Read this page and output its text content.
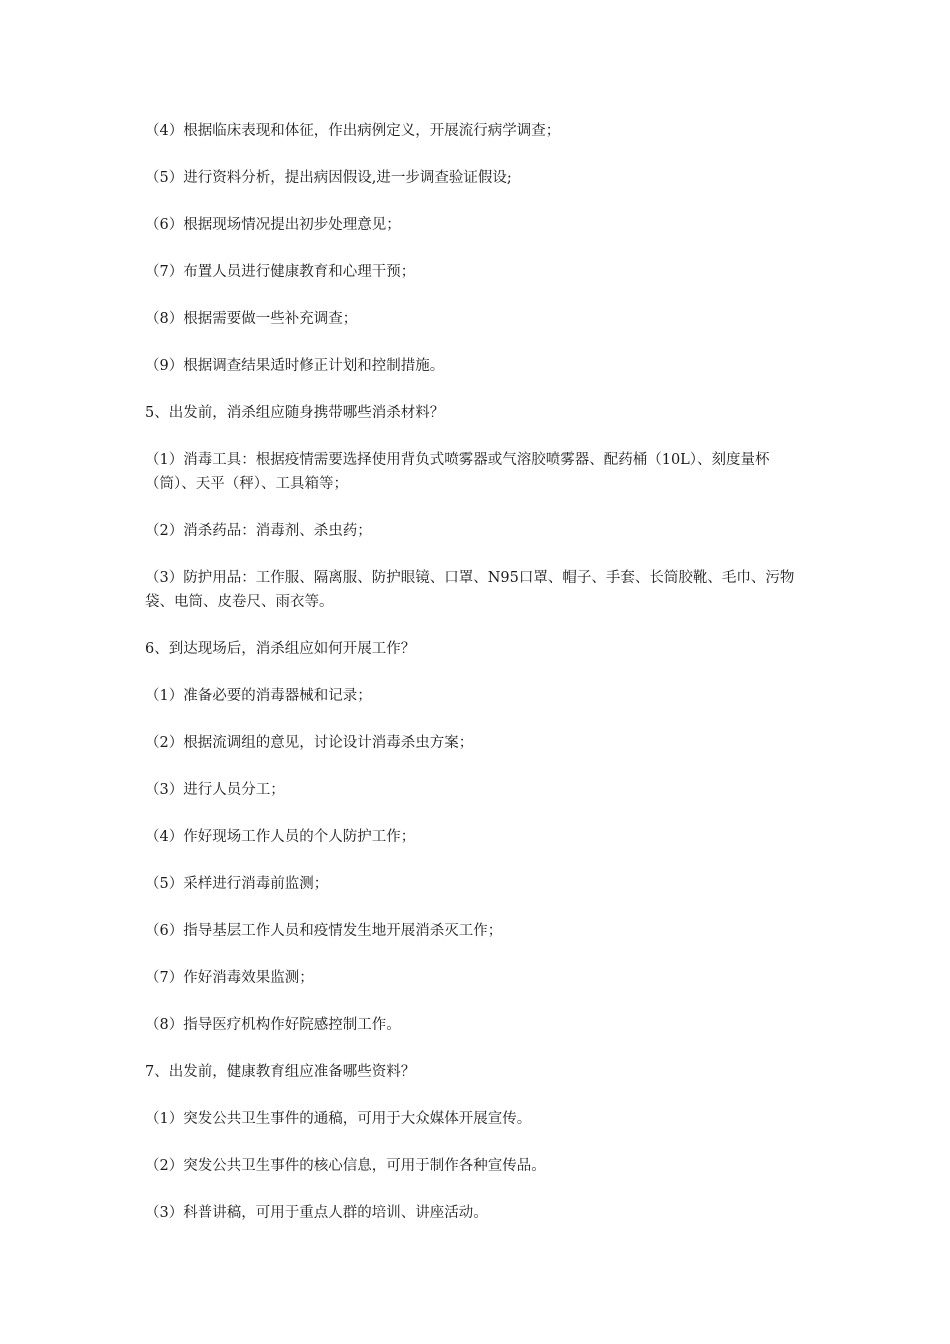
（4）根据临床表现和体征，作出病例定义，开展流行病学调查；

（5）进行资料分析，提出病因假设,进一步调查验证假设;

（6）根据现场情况提出初步处理意见；

（7）布置人员进行健康教育和心理干预；

（8）根据需要做一些补充调查；

（9）根据调查结果适时修正计划和控制措施。

5、出发前，消杀组应随身携带哪些消杀材料？

（1）消毒工具：根据疫情需要选择使用背负式喷雾器或气溶胶喷雾器、配药桶（10L）、刻度量杯（筒）、天平（秤）、工具箱等；

（2）消杀药品：消毒剂、杀虫药；

（3）防护用品：工作服、隔离服、防护眼镜、口罩、N95口罩、帽子、手套、长筒胶靴、毛巾、污物袋、电筒、皮卷尺、雨衣等。

6、到达现场后，消杀组应如何开展工作？

（1）准备必要的消毒器械和记录；

（2）根据流调组的意见，讨论设计消毒杀虫方案；

（3）进行人员分工；

（4）作好现场工作人员的个人防护工作；

（5）采样进行消毒前监测；

（6）指导基层工作人员和疫情发生地开展消杀灭工作；

（7）作好消毒效果监测；

（8）指导医疗机构作好院感控制工作。

7、出发前，健康教育组应准备哪些资料？

（1）突发公共卫生事件的通稿，可用于大众媒体开展宣传。

（2）突发公共卫生事件的核心信息，可用于制作各种宣传品。

（3）科普讲稿，可用于重点人群的培训、讲座活动。
